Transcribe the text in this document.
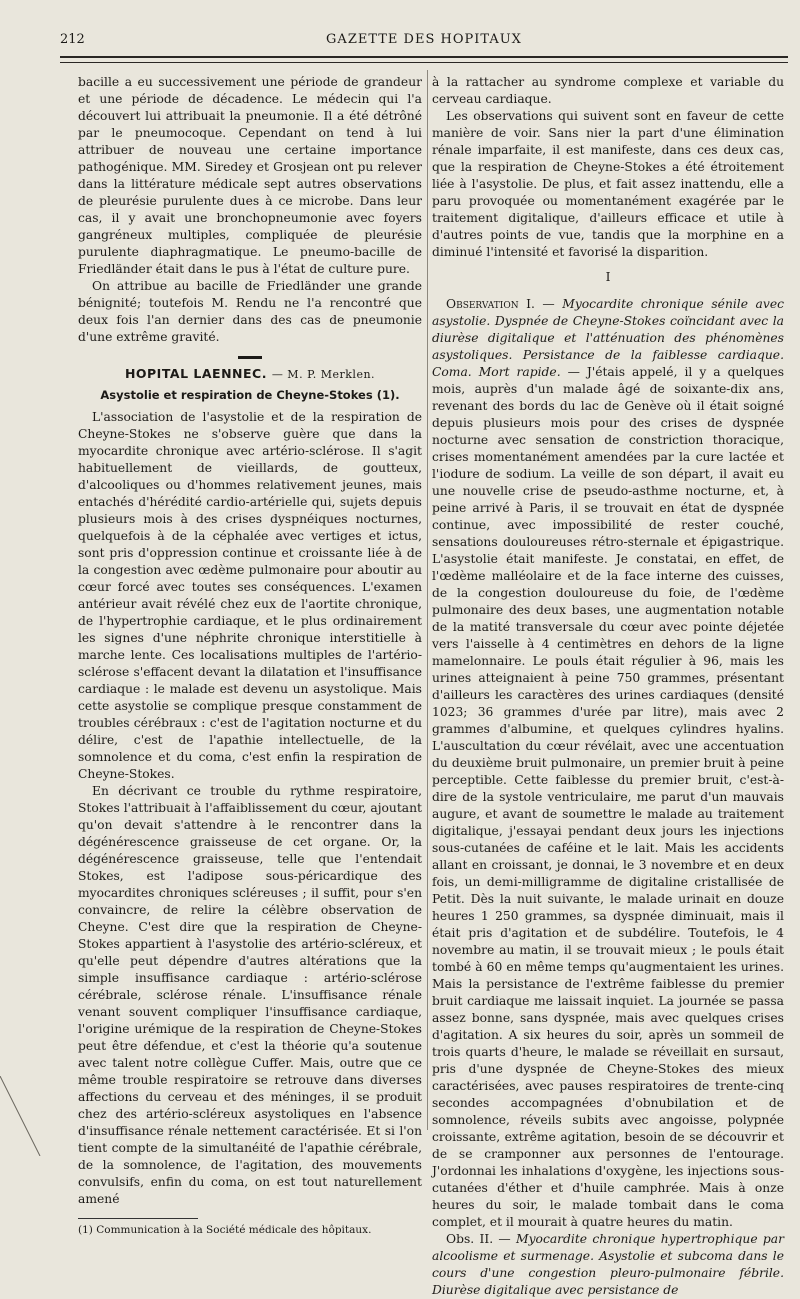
212	GAZETTE DES HOPITAUX

bacille a eu successivement une période de grandeur et une période de décadence. Le médecin qui l'a découvert lui attribuait la pneumonie. Il a été détrôné par le pneumocoque. Cependant on tend à lui attribuer de nouveau une certaine importance pathogénique. MM. Siredey et Grosjean ont pu relever dans la littérature médicale sept autres observations de pleurésie purulente dues à ce microbe. Dans leur cas, il y avait une bronchopneumonie avec foyers gangréneux multiples, compliquée de pleurésie purulente diaphragmatique. Le pneumo-bacille de Friedländer était dans le pus à l'état de culture pure.

On attribue au bacille de Friedländer une grande bénignité; toutefois M. Rendu ne l'a rencontré que deux fois l'an dernier dans des cas de pneumonie d'une extrême gravité.

HOPITAL LAENNEC. — M. P. Merklen.
Asystolie et respiration de Cheyne-Stokes (1).

L'association de l'asystolie et de la respiration de Cheyne-Stokes ne s'observe guère que dans la myocardite chronique avec artério-sclérose. Il s'agit habituellement de vieillards, de goutteux, d'alcooliques ou d'hommes relativement jeunes, mais entachés d'hérédité cardio-artérielle qui, sujets depuis plusieurs mois à des crises dyspnéiques nocturnes, quelquefois à de la céphalée avec vertiges et ictus, sont pris d'oppression continue et croissante liée à de la congestion avec œdème pulmonaire pour aboutir au cœur forcé avec toutes ses conséquences. L'examen antérieur avait révélé chez eux de l'aortite chronique, de l'hypertrophie cardiaque, et le plus ordinairement les signes d'une néphrite chronique interstitielle à marche lente. Ces localisations multiples de l'artério-sclérose s'effacent devant la dilatation et l'insuffisance cardiaque : le malade est devenu un asystolique. Mais cette asystolie se complique presque constamment de troubles cérébraux : c'est de l'agitation nocturne et du délire, c'est de l'apathie intellectuelle, de la somnolence et du coma, c'est enfin la respiration de Cheyne-Stokes.

En décrivant ce trouble du rythme respiratoire, Stokes l'attribuait à l'affaiblissement du cœur, ajoutant qu'on devait s'attendre à le rencontrer dans la dégénérescence graisseuse de cet organe. Or, la dégénérescence graisseuse, telle que l'entendait Stokes, est l'adipose sous-péricardique des myocardites chroniques scléreuses ; il suffit, pour s'en convaincre, de relire la célèbre observation de Cheyne. C'est dire que la respiration de Cheyne-Stokes appartient à l'asystolie des artério-scléreux, et qu'elle peut dépendre d'autres altérations que la simple insuffisance cardiaque : artério-sclérose cérébrale, sclérose rénale. L'insuffisance rénale venant souvent compliquer l'insuffisance cardiaque, l'origine urémique de la respiration de Cheyne-Stokes peut être défendue, et c'est la théorie qu'a soutenue avec talent notre collègue Cuffer. Mais, outre que ce même trouble respiratoire se retrouve dans diverses affections du cerveau et des méninges, il se produit chez des artério-scléreux asystoliques en l'absence d'insuffisance rénale nettement caractérisée. Et si l'on tient compte de la simultanéité de l'apathie cérébrale, de la somnolence, de l'agitation, des mouvements convulsifs, enfin du coma, on est tout naturellement amené

(1) Communication à la Société médicale des hôpitaux.

à la rattacher au syndrome complexe et variable du cerveau cardiaque.

Les observations qui suivent sont en faveur de cette manière de voir. Sans nier la part d'une élimination rénale imparfaite, il est manifeste, dans ces deux cas, que la respiration de Cheyne-Stokes a été étroitement liée à l'asystolie. De plus, et fait assez inattendu, elle a paru provoquée ou momentanément exagérée par le traitement digitalique, d'ailleurs efficace et utile à d'autres points de vue, tandis que la morphine en a diminué l'intensité et favorisé la disparition.

I

Observation I. — Myocardite chronique sénile avec asystolie. Dyspnée de Cheyne-Stokes coïncidant avec la diurèse digitalique et l'atténuation des phénomènes asystoliques. Persistance de la faiblesse cardiaque. Coma. Mort rapide. — J'étais appelé, il y a quelques mois, auprès d'un malade âgé de soixante-dix ans, revenant des bords du lac de Genève où il était soigné depuis plusieurs mois pour des crises de dyspnée nocturne avec sensation de constriction thoracique, crises momentanément amendées par la cure lactée et l'iodure de sodium. La veille de son départ, il avait eu une nouvelle crise de pseudo-asthme nocturne, et, à peine arrivé à Paris, il se trouvait en état de dyspnée continue, avec impossibilité de rester couché, sensations douloureuses rétro-sternale et épigastrique. L'asystolie était manifeste. Je constatai, en effet, de l'œdème malléolaire et de la face interne des cuisses, de la congestion douloureuse du foie, de l'œdème pulmonaire des deux bases, une augmentation notable de la matité transversale du cœur avec pointe déjetée vers l'aisselle à 4 centimètres en dehors de la ligne mamelonnaire. Le pouls était régulier à 96, mais les urines atteignaient à peine 750 grammes, présentant d'ailleurs les caractères des urines cardiaques (densité 1023; 36 grammes d'urée par litre), mais avec 2 grammes d'albumine, et quelques cylindres hyalins. L'auscultation du cœur révélait, avec une accentuation du deuxième bruit pulmonaire, un premier bruit à peine perceptible. Cette faiblesse du premier bruit, c'est-à-dire de la systole ventriculaire, me parut d'un mauvais augure, et avant de soumettre le malade au traitement digitalique, j'essayai pendant deux jours les injections sous-cutanées de caféine et le lait. Mais les accidents allant en croissant, je donnai, le 3 novembre et en deux fois, un demi-milligramme de digitaline cristallisée de Petit. Dès la nuit suivante, le malade urinait en douze heures 1 250 grammes, sa dyspnée diminuait, mais il était pris d'agitation et de subdélire. Toutefois, le 4 novembre au matin, il se trouvait mieux ; le pouls était tombé à 60 en même temps qu'augmentaient les urines. Mais la persistance de l'extrême faiblesse du premier bruit cardiaque me laissait inquiet. La journée se passa assez bonne, sans dyspnée, mais avec quelques crises d'agitation. A six heures du soir, après un sommeil de trois quarts d'heure, le malade se réveillait en sursaut, pris d'une dyspnée de Cheyne-Stokes des mieux caractérisées, avec pauses respiratoires de trente-cinq secondes accompagnées d'obnubilation et de somnolence, réveils subits avec angoisse, polypnée croissante, extrême agitation, besoin de se découvrir et de se cramponner aux personnes de l'entourage. J'ordonnai les inhalations d'oxygène, les injections sous-cutanées d'éther et d'huile camphrée. Mais à onze heures du soir, le malade tombait dans le coma complet, et il mourait à quatre heures du matin.

Obs. II. — Myocardite chronique hypertrophique par alcoolisme et surmenage. Asystolie et subcoma dans le cours d'une congestion pleuro-pulmonaire fébrile. Diurèse digitalique avec persistance de
